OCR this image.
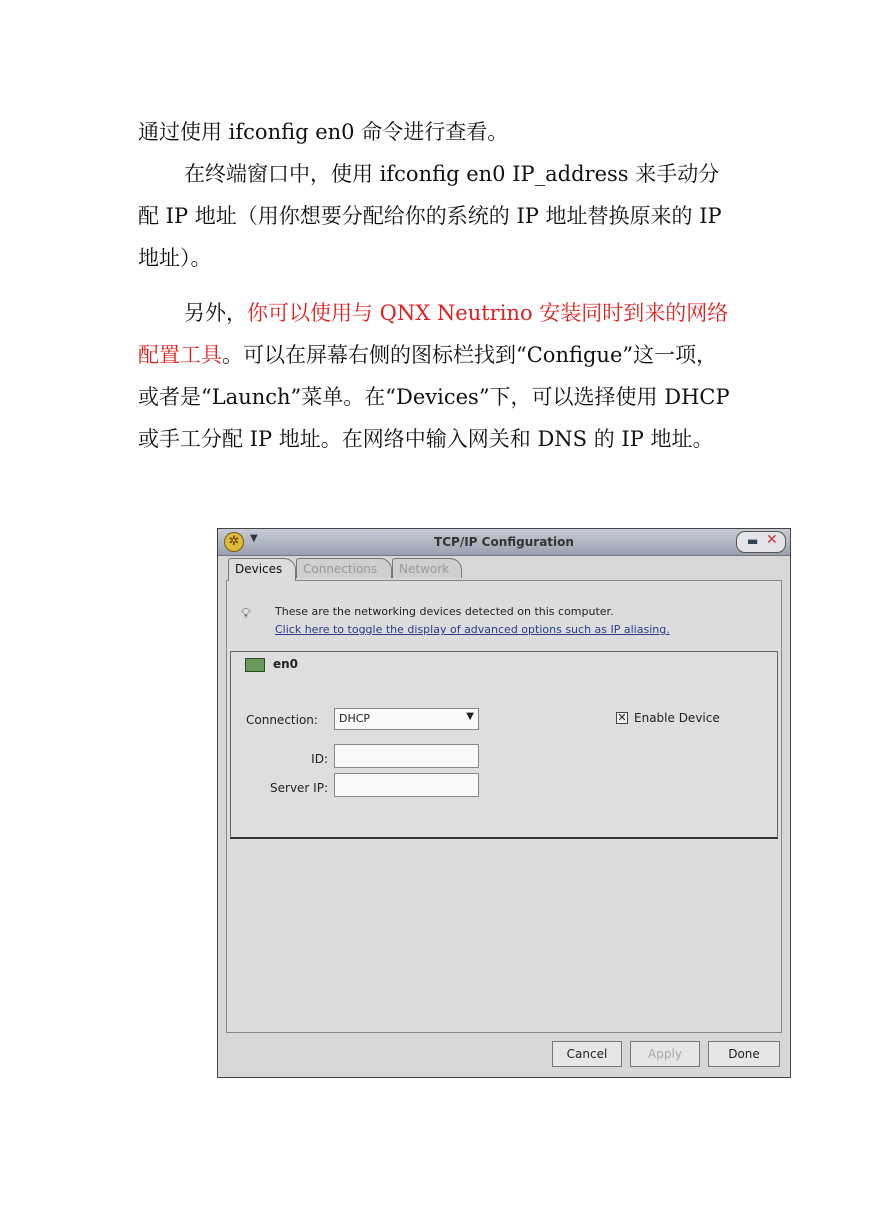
通过使用 ifconfig en0 命令进行查看。
在终端窗口中，使用 ifconfig en0 IP_address 来手动分配 IP 地址（用你想要分配给你的系统的 IP 地址替换原来的 IP 地址）。
另外，你可以使用与 QNX Neutrino 安装同时到来的网络配置工具。可以在屏幕右侧的图标栏找到“Configue”这一项，或者是“Launch”菜单。在“Devices”下，可以选择使用 DHCP 或手工分配 IP 地址。在网络中输入网关和 DNS 的 IP 地址。
✲	▼	TCP/IP Configuration	▬ ✕
Devices	Connections	Network
💡︎ These are the networking devices detected on this computer.
Click here to toggle the display of advanced options such as IP aliasing.
en0
Connection:	DHCP	▼
ID:
Server IP:
✕ Enable Device
Cancel	Apply	Done
